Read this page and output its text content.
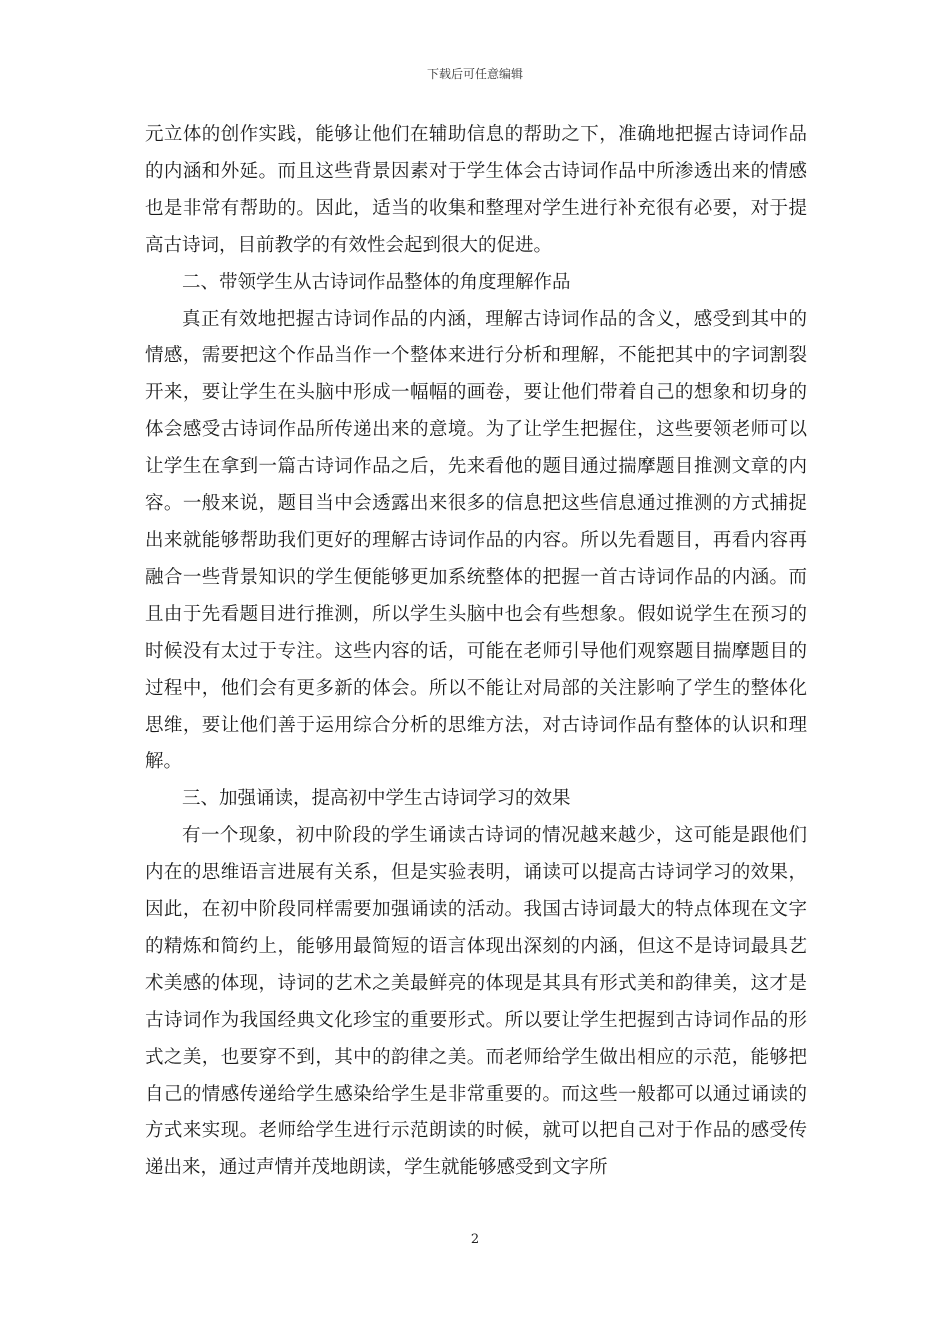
下载后可任意编辑

元立体的创作实践，能够让他们在辅助信息的帮助之下，准确地把握古诗词作品的内涵和外延。而且这些背景因素对于学生体会古诗词作品中所渗透出来的情感也是非常有帮助的。因此，适当的收集和整理对学生进行补充很有必要，对于提高古诗词，目前教学的有效性会起到很大的促进。

二、带领学生从古诗词作品整体的角度理解作品

真正有效地把握古诗词作品的内涵，理解古诗词作品的含义，感受到其中的情感，需要把这个作品当作一个整体来进行分析和理解，不能把其中的字词割裂开来，要让学生在头脑中形成一幅幅的画卷，要让他们带着自己的想象和切身的体会感受古诗词作品所传递出来的意境。为了让学生把握住，这些要领老师可以让学生在拿到一篇古诗词作品之后，先来看他的题目通过揣摩题目推测文章的内容。一般来说，题目当中会透露出来很多的信息把这些信息通过推测的方式捕捉出来就能够帮助我们更好的理解古诗词作品的内容。所以先看题目，再看内容再融合一些背景知识的学生便能够更加系统整体的把握一首古诗词作品的内涵。而且由于先看题目进行推测，所以学生头脑中也会有些想象。假如说学生在预习的时候没有太过于专注。这些内容的话，可能在老师引导他们观察题目揣摩题目的过程中，他们会有更多新的体会。所以不能让对局部的关注影响了学生的整体化思维，要让他们善于运用综合分析的思维方法，对古诗词作品有整体的认识和理解。

三、加强诵读，提高初中学生古诗词学习的效果

有一个现象，初中阶段的学生诵读古诗词的情况越来越少，这可能是跟他们内在的思维语言进展有关系，但是实验表明，诵读可以提高古诗词学习的效果，因此，在初中阶段同样需要加强诵读的活动。我国古诗词最大的特点体现在文字的精炼和简约上，能够用最简短的语言体现出深刻的内涵，但这不是诗词最具艺术美感的体现，诗词的艺术之美最鲜亮的体现是其具有形式美和韵律美，这才是古诗词作为我国经典文化珍宝的重要形式。所以要让学生把握到古诗词作品的形式之美，也要穿不到，其中的韵律之美。而老师给学生做出相应的示范，能够把自己的情感传递给学生感染给学生是非常重要的。而这些一般都可以通过诵读的方式来实现。老师给学生进行示范朗读的时候，就可以把自己对于作品的感受传递出来，通过声情并茂地朗读，学生就能够感受到文字所

2
